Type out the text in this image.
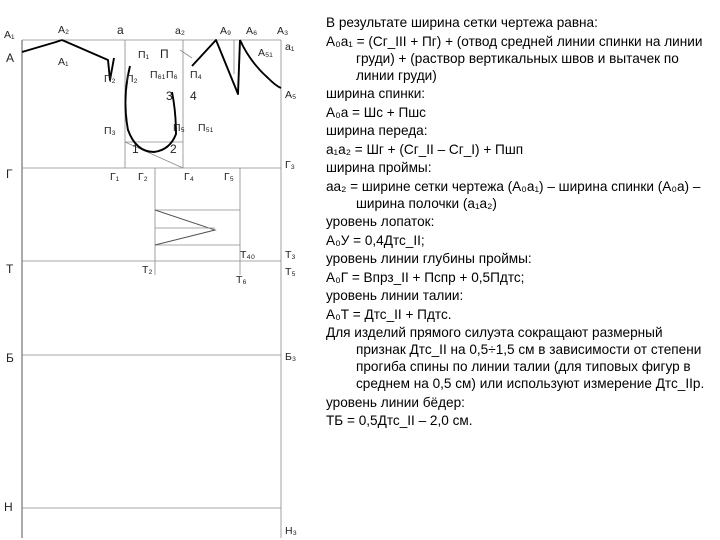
A₁
А
А₂
А₁
а	а₂	А₉ А₆ А₃
а₁
А₅₁
А₅
П₁ П
П₂ П₂ П₆₁ П₄
П₆
3 4
П₃	П₅ П₅₁
1	2
Г	Г₁ Г₂	Г₄	Г₅
Г₃
Т₄₀	Т₃
Т	Т₂
Т₆
Т₅
Б	Б₃
Н
Н₃

В результате ширина сетки чертежа равна:

А₀а₁ = (Сг_III + Пг) + (отвод средней линии спинки на линии груди) + (раствор вертикальных швов и вытачек по линии груди)

ширина спинки:

А₀а = Шс + Пшс

ширина переда:

а₁а₂ = Шг + (Сг_II – Сг_I) + Пшп

ширина проймы:

аа₂ = ширине сетки чертежа (А₀а₁) – ширина спинки (А₀а) – ширина полочки (а₁а₂)

уровень лопаток:

А₀У = 0,4Дтс_II;

уровень линии глубины проймы:

А₀Г = Впрз_II + Пспр + 0,5Пдтс;

уровень линии талии:

А₀Т = Дтс_II + Пдтс.

Для изделий прямого силуэта сокращают размерный признак Дтс_II на 0,5÷1,5 см в зависимости от степени прогиба спины по линии талии (для типовых фигур в среднем на 0,5 см) или используют измерение Дтс_IIр.

уровень линии бёдер:

ТБ = 0,5Дтс_II – 2,0 см.
